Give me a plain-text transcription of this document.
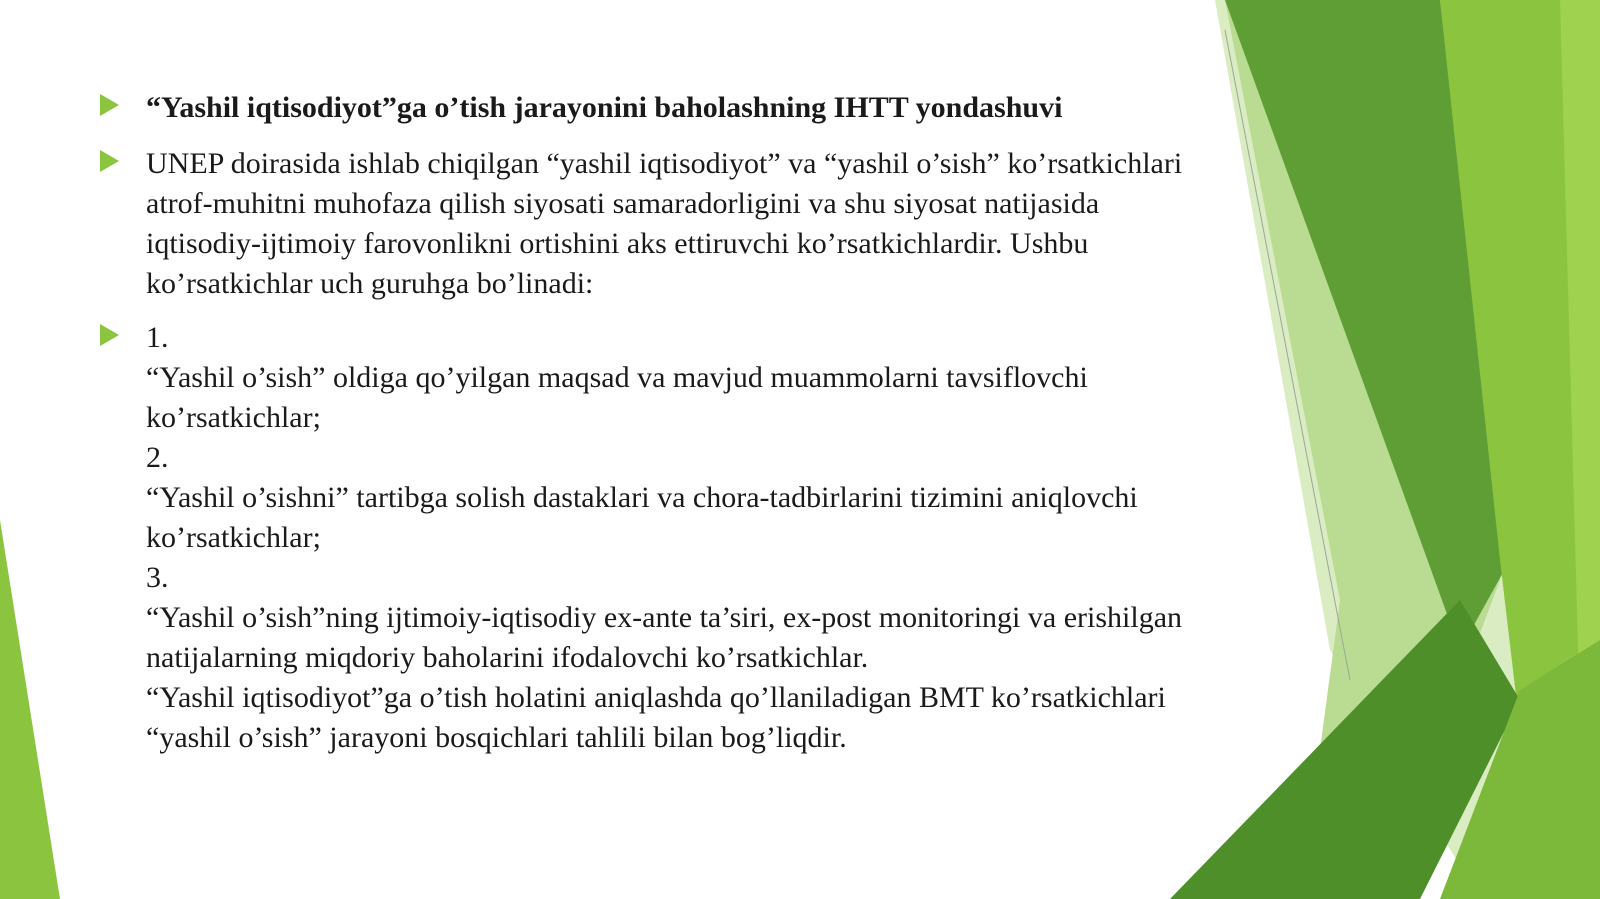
“Yashil iqtisodiyot”ga o’tish jarayonini baholashning IHTT yondashuvi
UNEP doirasida ishlab chiqilgan “yashil iqtisodiyot” va “yashil o’sish” ko’rsatkichlari atrof-muhitni muhofaza qilish siyosati samaradorligini va shu siyosat natijasida iqtisodiy-ijtimoiy farovonlikni ortishini aks ettiruvchi ko’rsatkichlardir. Ushbu ko’rsatkichlar uch guruhga bo’linadi:
1.
“Yashil o’sish” oldiga qo’yilgan maqsad va mavjud muammolarni tavsiflovchi ko’rsatkichlar;
2.
“Yashil o’sishni” tartibga solish dastaklari va chora-tadbirlarini tizimini aniqlovchi ko’rsatkichlar;
3.
“Yashil o’sish”ning ijtimoiy-iqtisodiy ex-ante ta’siri, ex-post monitoringi va erishilgan natijalarning miqdoriy baholarini ifodalovchi ko’rsatkichlar.
“Yashil iqtisodiyot”ga o’tish holatini aniqlashda qo’llaniladigan BMT ko’rsatkichlari “yashil o’sish” jarayoni bosqichlari tahlili bilan bog’liqdir.
